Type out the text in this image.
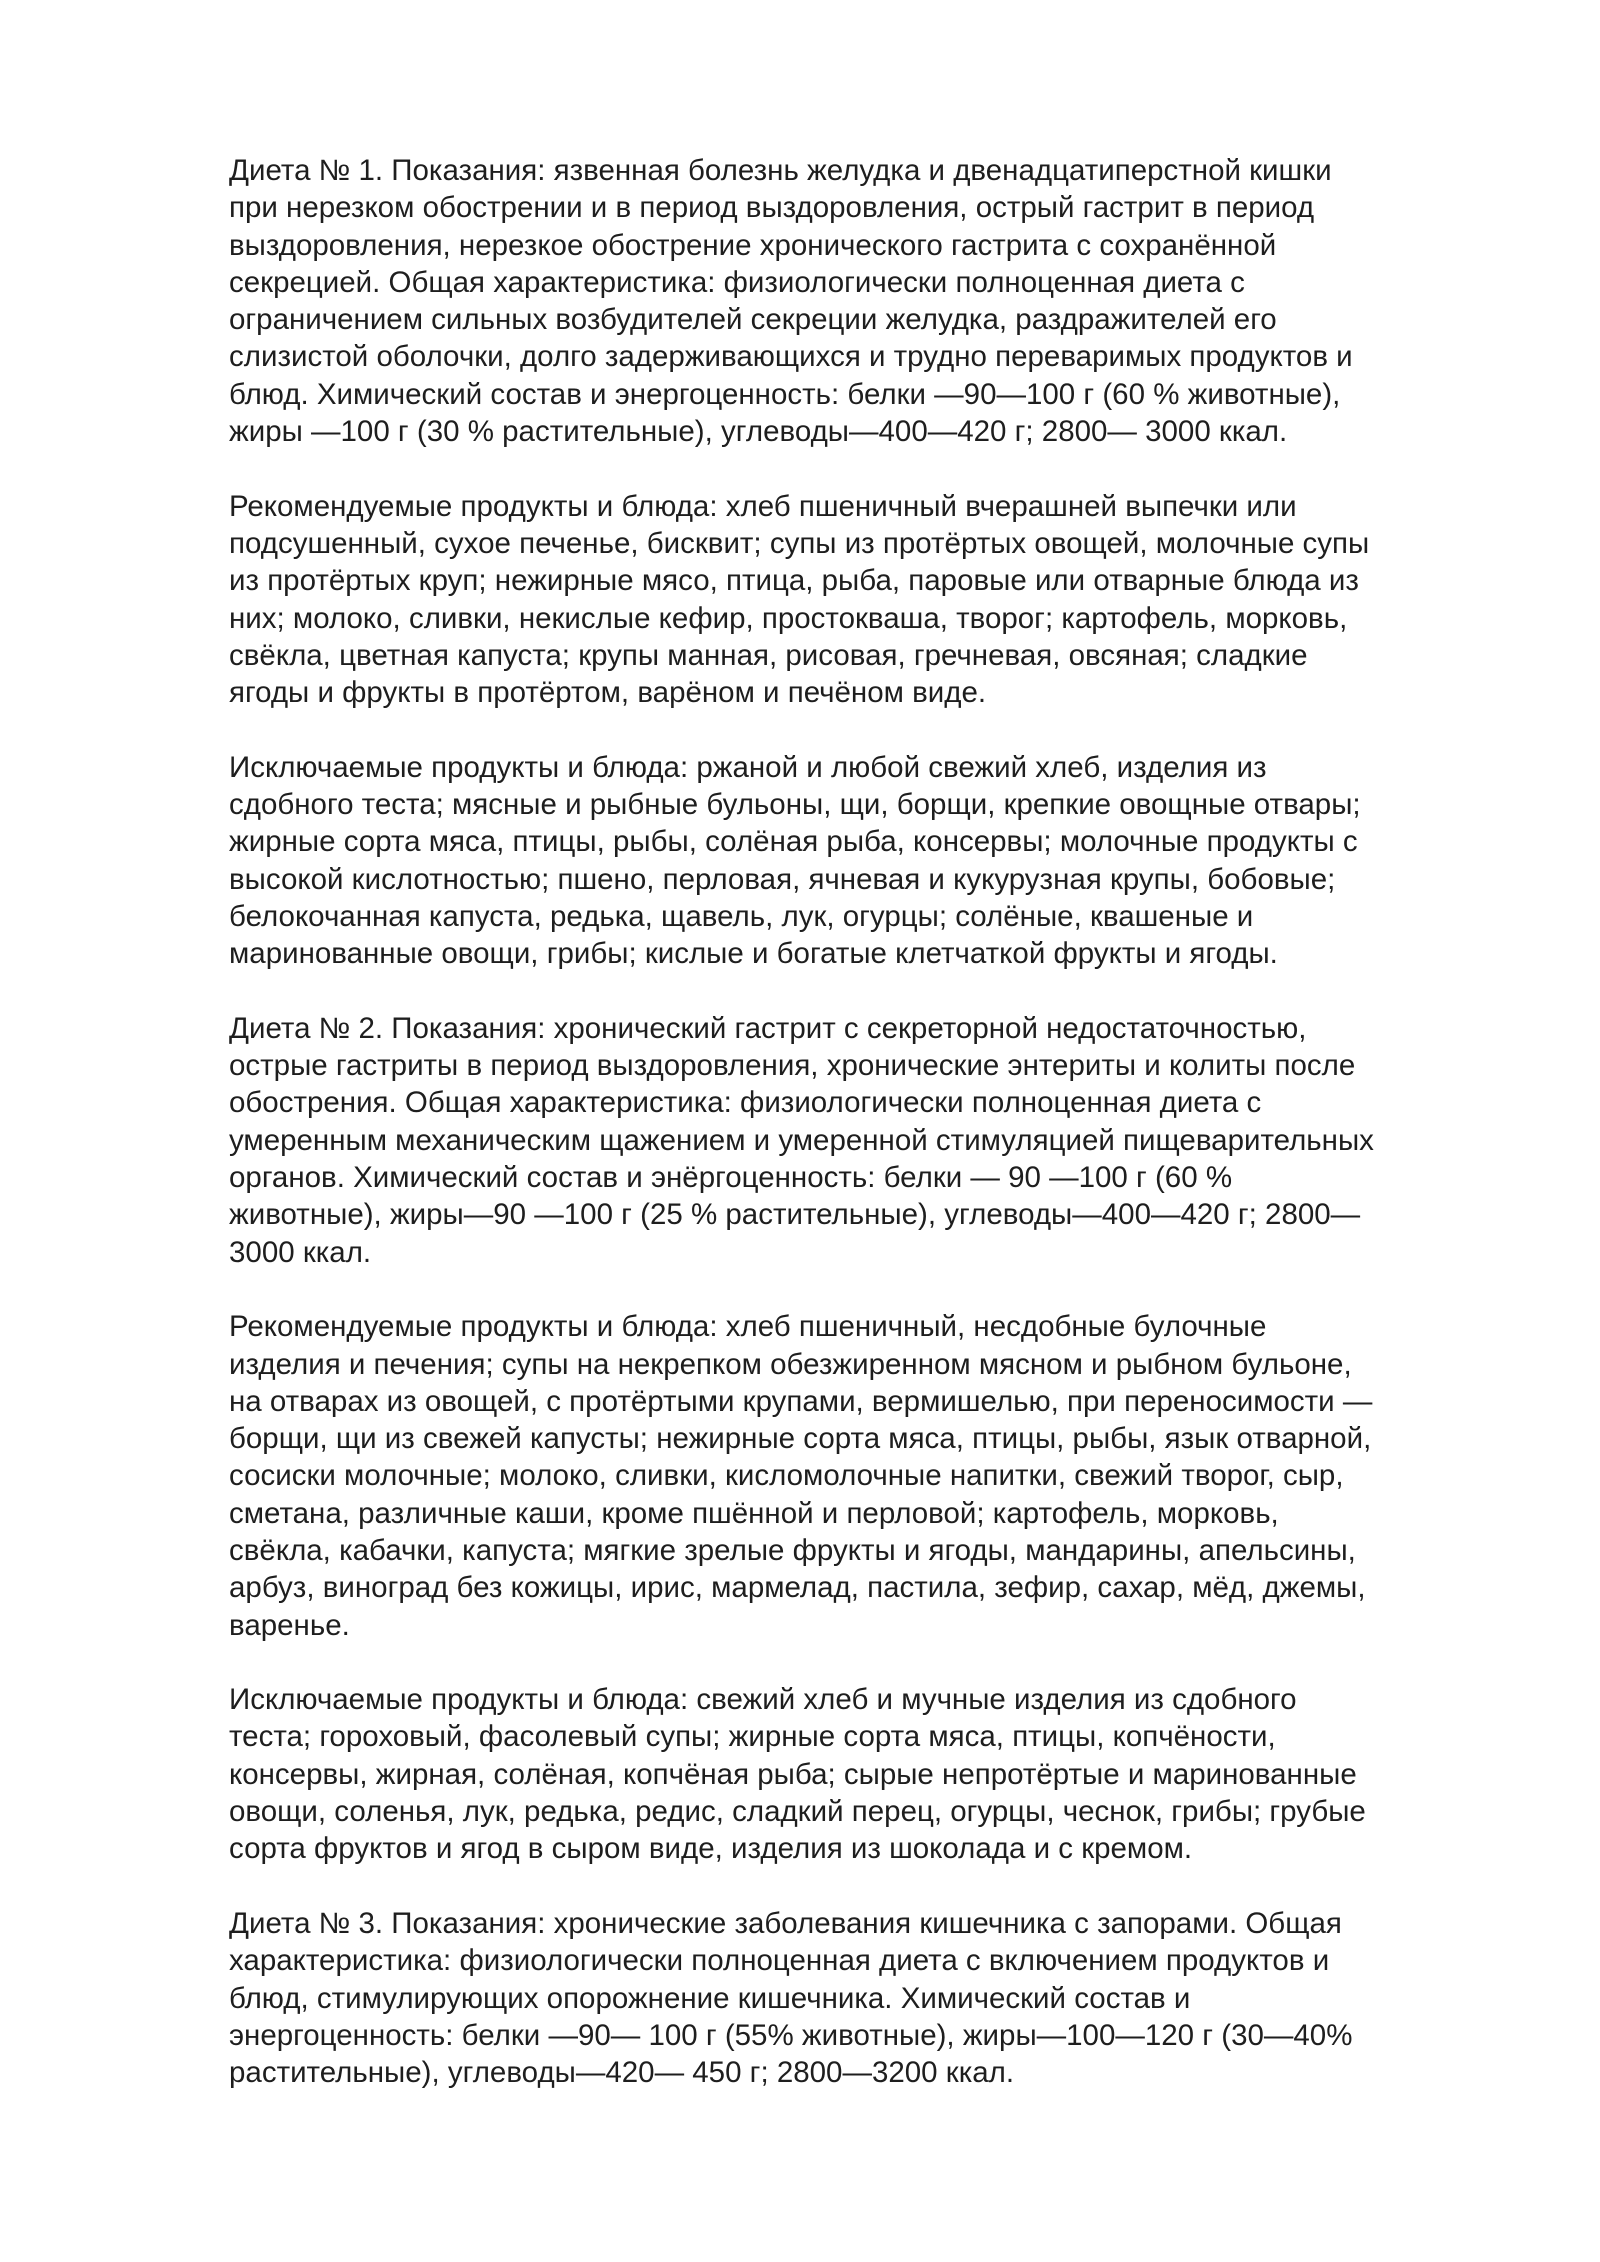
Диета № 1. Показания: язвенная болезнь желудка и двенадцатиперстной кишки
при нерезком обострении и в период выздоровления, острый гастрит в период
выздоровления, нерезкое обострение хронического гастрита с сохранённой
секрецией. Общая характеристика: физиологически полноценная диета с
ограничением сильных возбудителей секреции желудка, раздражителей его
слизистой оболочки, долго задерживающихся и трудно переваримых продуктов и
блюд. Химический состав и энергоценность: белки —90—100 г (60 % животные),
жиры —100 г (30 % растительные), углеводы—400—420 г; 2800— 3000 ккал.
Рекомендуемые продукты и блюда: хлеб пшеничный вчерашней выпечки или
подсушенный, сухое печенье, бисквит; супы из протёртых овощей, молочные супы
из протёртых круп; нежирные мясо, птица, рыба, паровые или отварные блюда из
них; молоко, сливки, некислые кефир, простокваша, творог; картофель, морковь,
свёкла, цветная капуста; крупы манная, рисовая, гречневая, овсяная; сладкие
ягоды и фрукты в протёртом, варёном и печёном виде.
Исключаемые продукты и блюда: ржаной и любой свежий хлеб, изделия из
сдобного теста; мясные и рыбные бульоны, щи, борщи, крепкие овощные отвары;
жирные сорта мяса, птицы, рыбы, солёная рыба, консервы; молочные продукты с
высокой кислотностью; пшено, перловая, ячневая и кукурузная крупы, бобовые;
белокочанная капуста, редька, щавель, лук, огурцы; солёные, квашеные и
маринованные овощи, грибы; кислые и богатые клетчаткой фрукты и ягоды.
Диета № 2. Показания: хронический гастрит с секреторной недостаточностью,
острые гастриты в период выздоровления, хронические энтериты и колиты после
обострения. Общая характеристика: физиологически полноценная диета с
умеренным механическим щажением и умеренной стимуляцией пищеварительных
органов. Химический состав и энёргоценность: белки — 90 —100 г (60 %
животные), жиры—90 —100 г (25 % растительные), углеводы—400—420 г; 2800—
3000 ккал.
Рекомендуемые продукты и блюда: хлеб пшеничный, несдобные булочные
изделия и печения; супы на некрепком обезжиренном мясном и рыбном бульоне,
на отварах из овощей, с протёртыми крупами, вермишелью, при переносимости —
борщи, щи из свежей капусты; нежирные сорта мяса, птицы, рыбы, язык отварной,
сосиски молочные; молоко, сливки, кисломолочные напитки, свежий творог, сыр,
сметана, различные каши, кроме пшённой и перловой; картофель, морковь,
свёкла, кабачки, капуста; мягкие зрелые фрукты и ягоды, мандарины, апельсины,
арбуз, виноград без кожицы, ирис, мармелад, пастила, зефир, сахар, мёд, джемы,
варенье.
Исключаемые продукты и блюда: свежий хлеб и мучные изделия из сдобного
теста; гороховый, фасолевый супы; жирные сорта мяса, птицы, копчёности,
консервы, жирная, солёная, копчёная рыба; сырые непротёртые и маринованные
овощи, соленья, лук, редька, редис, сладкий перец, огурцы, чеснок, грибы; грубые
сорта фруктов и ягод в сыром виде, изделия из шоколада и с кремом.
Диета № 3. Показания: хронические заболевания кишечника с запорами. Общая
характеристика: физиологически полноценная диета с включением продуктов и
блюд, стимулирующих опорожнение кишечника. Химический состав и
энергоценность: белки —90— 100 г (55% животные), жиры—100—120 г (30—40%
растительные), углеводы—420— 450 г; 2800—3200 ккал.
